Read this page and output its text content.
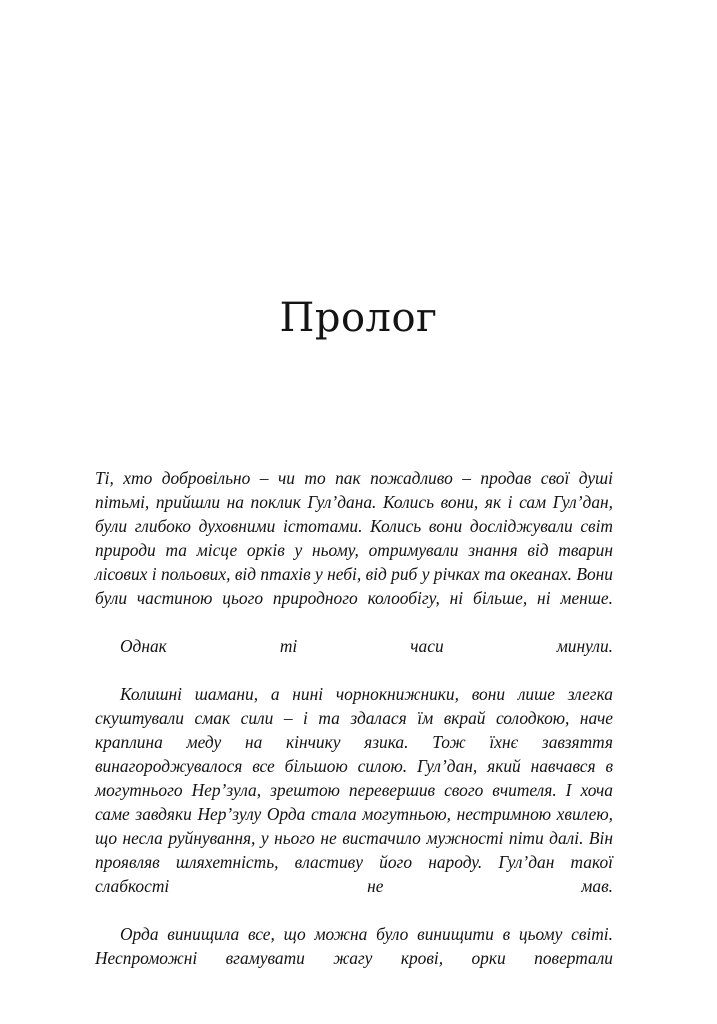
Пролог

Ті, хто добровільно – чи то пак пожадливо – продав свої душі пітьмі, прийшли на поклик Гул’дана. Колись вони, як і сам Гул’дан, були глибоко духовними істотами. Колись вони досліджували світ природи та місце орків у ньому, отримували знання від тварин лісових і польових, від птахів у небі, від риб у річках та океанах. Вони були частиною цього природного колообігу, ні більше, ні менше.

Однак ті часи минули.

Колишні шамани, а нині чорнокнижники, вони лише злегка скуштували смак сили – і та здалася їм вкрай солодкою, наче краплина меду на кінчику язика. Тож їхнє завзяття винагороджувалося все більшою силою. Гул’дан, який навчався в могутнього Нер’зула, зрештою перевершив свого вчителя. І хоча саме завдяки Нер’зулу Орда стала могутньою, нестримною хвилею, що несла руйнування, у нього не вистачило мужності піти далі. Він проявляв шляхетність, властиву його народу. Гул’дан такої слабкості не мав.

Орда винищила все, що можна було винищити в цьому світі. Неспроможні вгамувати жагу крові, орки повертали
